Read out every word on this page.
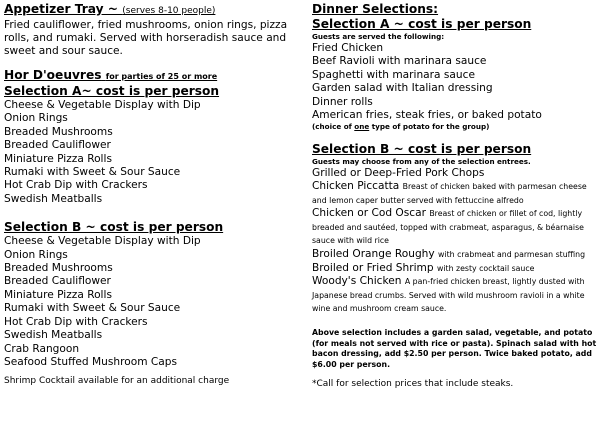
Appetizer Tray ~ (serves 8-10 people)
Fried cauliflower, fried mushrooms, onion rings, pizza rolls, and rumaki. Served with horseradish sauce and sweet and sour sauce.
Hor D'oeuvres for parties of 25 or more
Selection A~ cost is per person
Cheese & Vegetable Display with Dip
Onion Rings
Breaded Mushrooms
Breaded Cauliflower
Miniature Pizza Rolls
Rumaki with Sweet & Sour Sauce
Hot Crab Dip with Crackers
Swedish Meatballs
Selection B ~ cost is per person
Cheese & Vegetable Display with Dip
Onion Rings
Breaded Mushrooms
Breaded Cauliflower
Miniature Pizza Rolls
Rumaki with Sweet & Sour Sauce
Hot Crab Dip with Crackers
Swedish Meatballs
Crab Rangoon
Seafood Stuffed Mushroom Caps
Shrimp Cocktail available for an additional charge
Dinner Selections:
Selection A ~ cost is per person
Guests are served the following:
Fried Chicken
Beef Ravioli with marinara sauce
Spaghetti with marinara sauce
Garden salad with Italian dressing
Dinner rolls
American fries, steak fries, or baked potato
(choice of one type of potato for the group)
Selection B ~ cost is per person
Guests may choose from any of the selection entrees.
Grilled or Deep-Fried Pork Chops
Chicken Piccatta Breast of chicken baked with parmesan cheese and lemon caper butter served with fettuccine alfredo
Chicken or Cod Oscar Breast of chicken or fillet of cod, lightly breaded and sautéed, topped with crabmeat, asparagus, & béarnaise sauce with wild rice
Broiled Orange Roughy with crabmeat and parmesan stuffing
Broiled or Fried Shrimp with zesty cocktail sauce
Woody's Chicken A pan-fried chicken breast, lightly dusted with Japanese bread crumbs. Served with wild mushroom ravioli in a white wine and mushroom cream sauce.
Above selection includes a garden salad, vegetable, and potato (for meals not served with rice or pasta). Spinach salad with hot bacon dressing, add $2.50 per person. Twice baked potato, add $6.00 per person.
*Call for selection prices that include steaks.
